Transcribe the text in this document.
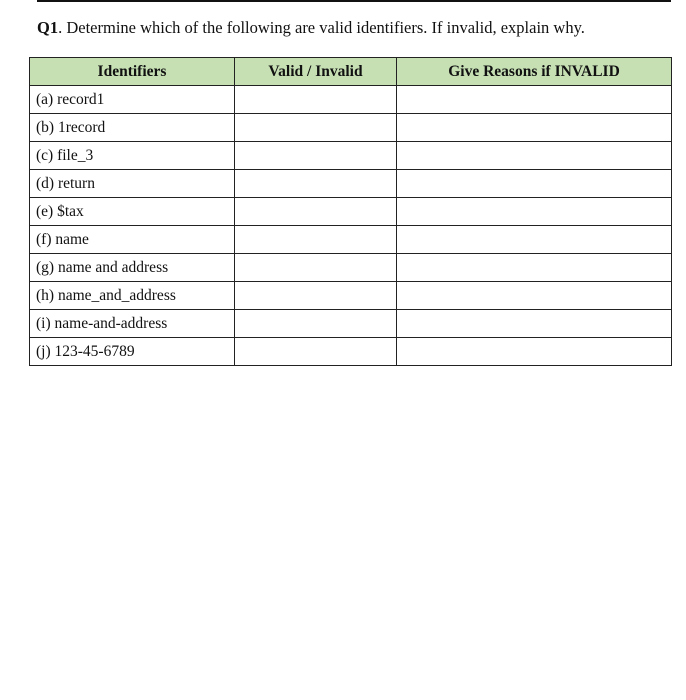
Q1. Determine which of the following are valid identifiers. If invalid, explain why.
Identifiers	Valid / Invalid	Give Reasons if INVALID
(a) record1		
(b) 1record		
(c) file_3		
(d) return		
(e) $tax		
(f) name		
(g) name and address		
(h) name_and_address		
(i) name-and-address		
(j) 123-45-6789		
